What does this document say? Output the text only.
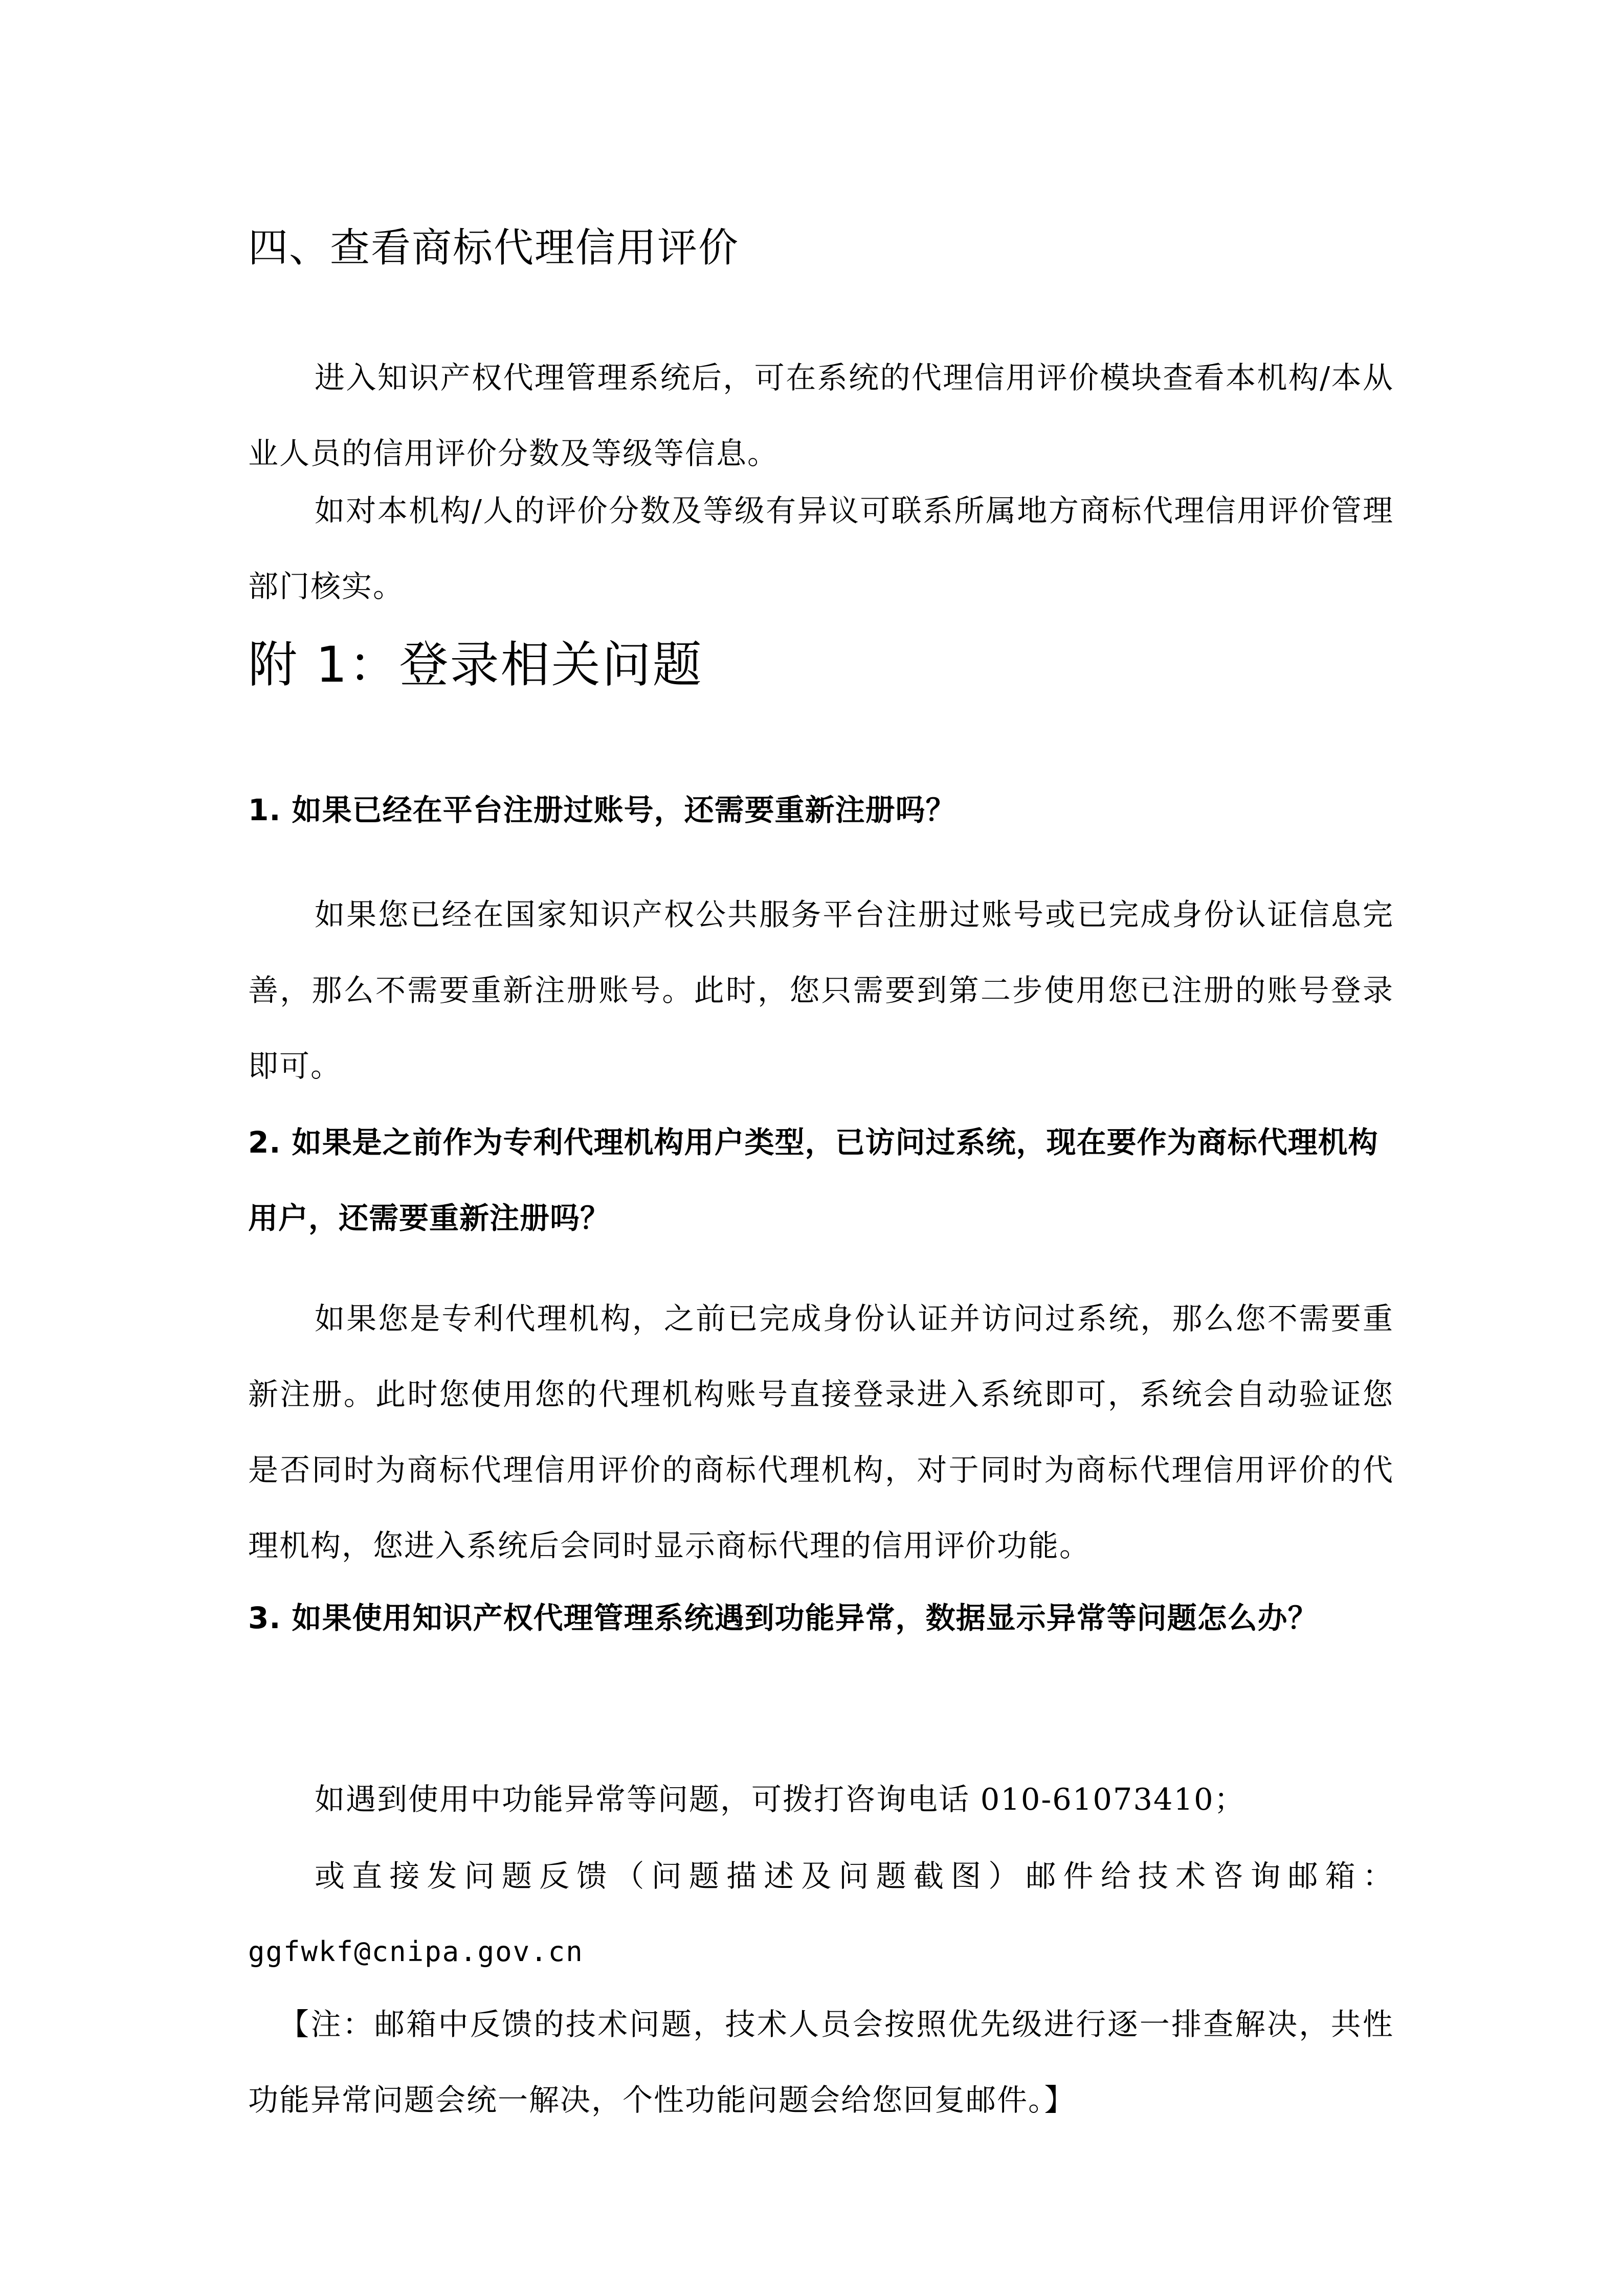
四、查看商标代理信用评价

进入知识产权代理管理系统后，可在系统的代理信用评价模块查看本机构/本从业人员的信用评价分数及等级等信息。

如对本机构/人的评价分数及等级有异议可联系所属地方商标代理信用评价管理部门核实。

附 1：登录相关问题

1. 如果已经在平台注册过账号，还需要重新注册吗？

如果您已经在国家知识产权公共服务平台注册过账号或已完成身份认证信息完善，那么不需要重新注册账号。此时，您只需要到第二步使用您已注册的账号登录即可。

2. 如果是之前作为专利代理机构用户类型，已访问过系统，现在要作为商标代理机构用户，还需要重新注册吗？

如果您是专利代理机构，之前已完成身份认证并访问过系统，那么您不需要重新注册。此时您使用您的代理机构账号直接登录进入系统即可，系统会自动验证您是否同时为商标代理信用评价的商标代理机构，对于同时为商标代理信用评价的代理机构，您进入系统后会同时显示商标代理的信用评价功能。

3. 如果使用知识产权代理管理系统遇到功能异常，数据显示异常等问题怎么办？

如遇到使用中功能异常等问题，可拨打咨询电话 010-61073410；

或直接发问题反馈（问题描述及问题截图）邮件给技术咨询邮箱：

ggfwkf@cnipa.gov.cn

【注：邮箱中反馈的技术问题，技术人员会按照优先级进行逐一排查解决，共性功能异常问题会统一解决，个性功能问题会给您回复邮件。】
